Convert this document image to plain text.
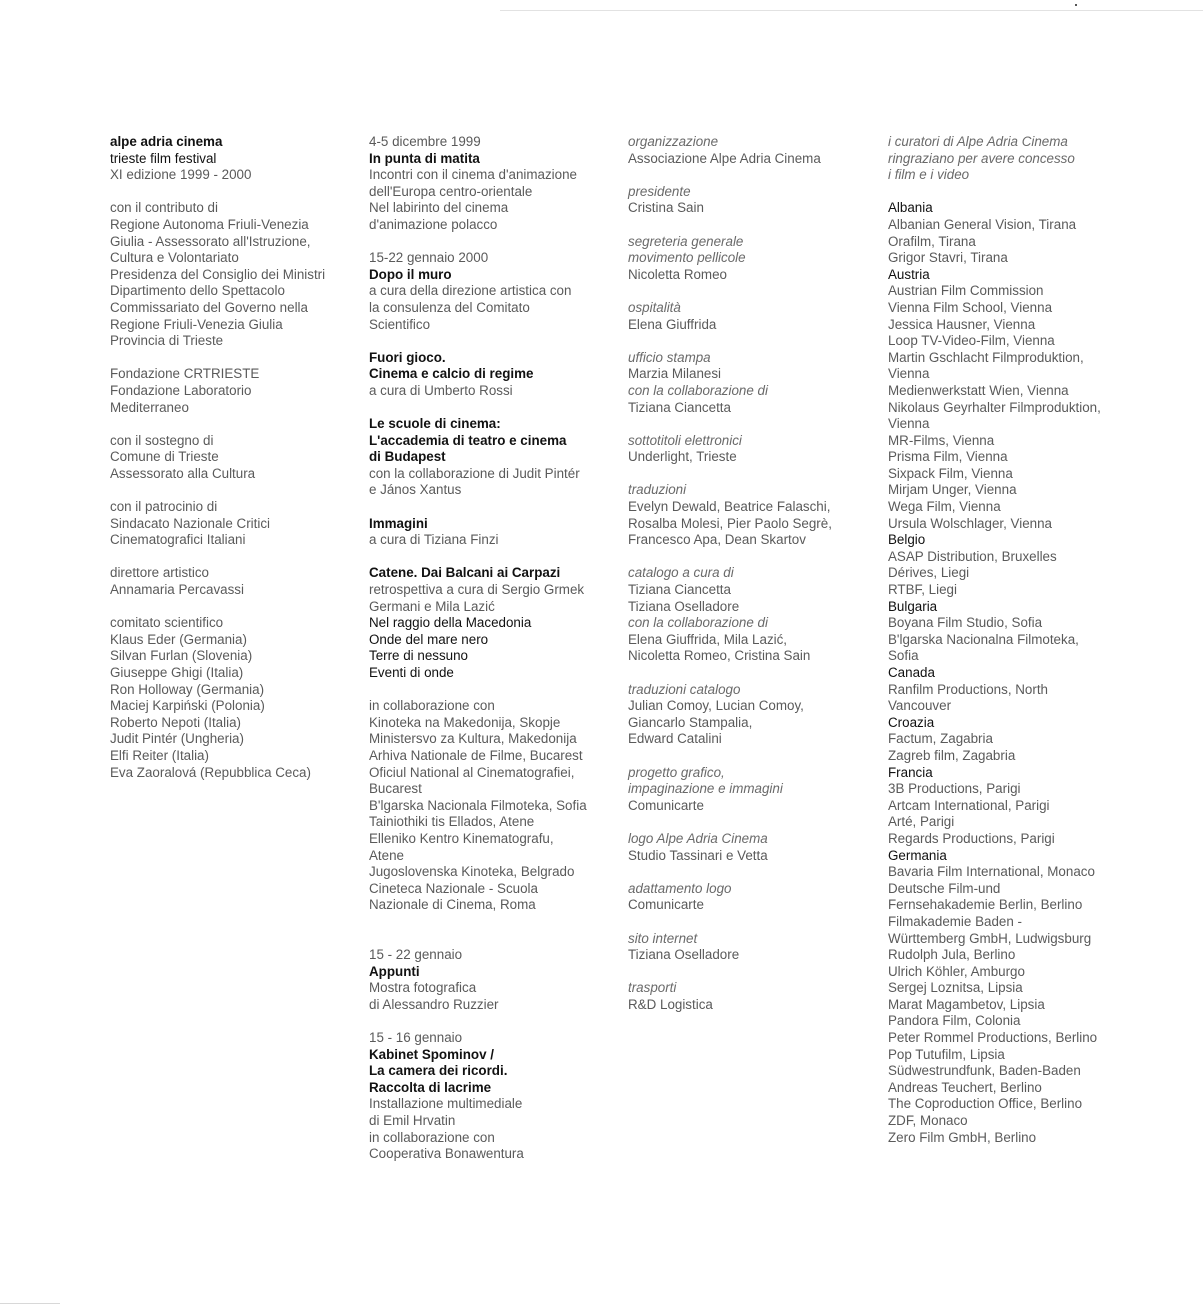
alpe adria cinema
trieste film festival
XI edizione 1999 - 2000
con il contributo di
Regione Autonoma Friuli-Venezia
Giulia - Assessorato all'Istruzione,
Cultura e Volontariato
Presidenza del Consiglio dei Ministri
Dipartimento dello Spettacolo
Commissariato del Governo nella
Regione Friuli-Venezia Giulia
Provincia di Trieste
Fondazione CRTRIESTE
Fondazione Laboratorio
Mediterraneo
con il sostegno di
Comune di Trieste
Assessorato alla Cultura
con il patrocinio di
Sindacato Nazionale Critici
Cinematografici Italiani
direttore artistico
Annamaria Percavassi
comitato scientifico
Klaus Eder (Germania)
Silvan Furlan (Slovenia)
Giuseppe Ghigi (Italia)
Ron Holloway (Germania)
Maciej Karpiński (Polonia)
Roberto Nepoti (Italia)
Judit Pintér (Ungheria)
Elfi Reiter (Italia)
Eva Zaoralová (Repubblica Ceca)
4-5 dicembre 1999
In punta di matita
Incontri con il cinema d'animazione
dell'Europa centro-orientale
Nel labirinto del cinema
d'animazione polacco
15-22 gennaio 2000
Dopo il muro
a cura della direzione artistica con
la consulenza del Comitato
Scientifico
Fuori gioco.
Cinema e calcio di regime
a cura di Umberto Rossi
Le scuole di cinema:
L'accademia di teatro e cinema
di Budapest
con la collaborazione di Judit Pintér
e János Xantus
Immagini
a cura di Tiziana Finzi
Catene. Dai Balcani ai Carpazi
retrospettiva a cura di Sergio Grmek
Germani e Mila Lazić
Nel raggio della Macedonia
Onde del mare nero
Terre di nessuno
Eventi di onde
in collaborazione con
Kinoteka na Makedonija, Skopje
Ministersvo za Kultura, Makedonija
Arhiva Nationale de Filme, Bucarest
Oficiul National al Cinematografiei,
Bucarest
B'lgarska Nacionala Filmoteka, Sofia
Tainiothiki tis Ellados, Atene
Elleniko Kentro Kinematografu,
Atene
Jugoslovenska Kinoteka, Belgrado
Cineteca Nazionale - Scuola
Nazionale di Cinema, Roma
15 - 22 gennaio
Appunti
Mostra fotografica
di Alessandro Ruzzier
15 - 16 gennaio
Kabinet Spominov /
La camera dei ricordi.
Raccolta di lacrime
Installazione multimediale
di Emil Hrvatin
in collaborazione con
Cooperativa Bonawentura
organizzazione
Associazione Alpe Adria Cinema
presidente
Cristina Sain
segreteria generale
movimento pellicole
Nicoletta Romeo
ospitalità
Elena Giuffrida
ufficio stampa
Marzia Milanesi
con la collaborazione di
Tiziana Ciancetta
sottotitoli elettronici
Underlight, Trieste
traduzioni
Evelyn Dewald, Beatrice Falaschi,
Rosalba Molesi, Pier Paolo Segrè,
Francesco Apa, Dean Skartov
catalogo a cura di
Tiziana Ciancetta
Tiziana Oselladore
con la collaborazione di
Elena Giuffrida, Mila Lazić,
Nicoletta Romeo, Cristina Sain
traduzioni catalogo
Julian Comoy, Lucian Comoy,
Giancarlo Stampalia,
Edward Catalini
progetto grafico,
impaginazione e immagini
Comunicarte
logo Alpe Adria Cinema
Studio Tassinari e Vetta
adattamento logo
Comunicarte
sito internet
Tiziana Oselladore
trasporti
R&D Logistica
i curatori di Alpe Adria Cinema
ringraziano per avere concesso
i film e i video
Albania
Albanian General Vision, Tirana
Orafilm, Tirana
Grigor Stavri, Tirana
Austria
Austrian Film Commission
Vienna Film School, Vienna
Jessica Hausner, Vienna
Loop TV-Video-Film, Vienna
Martin Gschlacht Filmproduktion,
Vienna
Medienwerkstatt Wien, Vienna
Nikolaus Geyrhalter Filmproduktion,
Vienna
MR-Films, Vienna
Prisma Film, Vienna
Sixpack Film, Vienna
Mirjam Unger, Vienna
Wega Film, Vienna
Ursula Wolschlager, Vienna
Belgio
ASAP Distribution, Bruxelles
Dérives, Liegi
RTBF, Liegi
Bulgaria
Boyana Film Studio, Sofia
B'lgarska Nacionalna Filmoteka,
Sofia
Canada
Ranfilm Productions, North
Vancouver
Croazia
Factum, Zagabria
Zagreb film, Zagabria
Francia
3B Productions, Parigi
Artcam International, Parigi
Arté, Parigi
Regards Productions, Parigi
Germania
Bavaria Film International, Monaco
Deutsche Film-und
Fernsehakademie Berlin, Berlino
Filmakademie Baden -
Württemberg GmbH, Ludwigsburg
Rudolph Jula, Berlino
Ulrich Köhler, Amburgo
Sergej Loznitsa, Lipsia
Marat Magambetov, Lipsia
Pandora Film, Colonia
Peter Rommel Productions, Berlino
Pop Tutufilm, Lipsia
Südwestrundfunk, Baden-Baden
Andreas Teuchert, Berlino
The Coproduction Office, Berlino
ZDF, Monaco
Zero Film GmbH, Berlino
